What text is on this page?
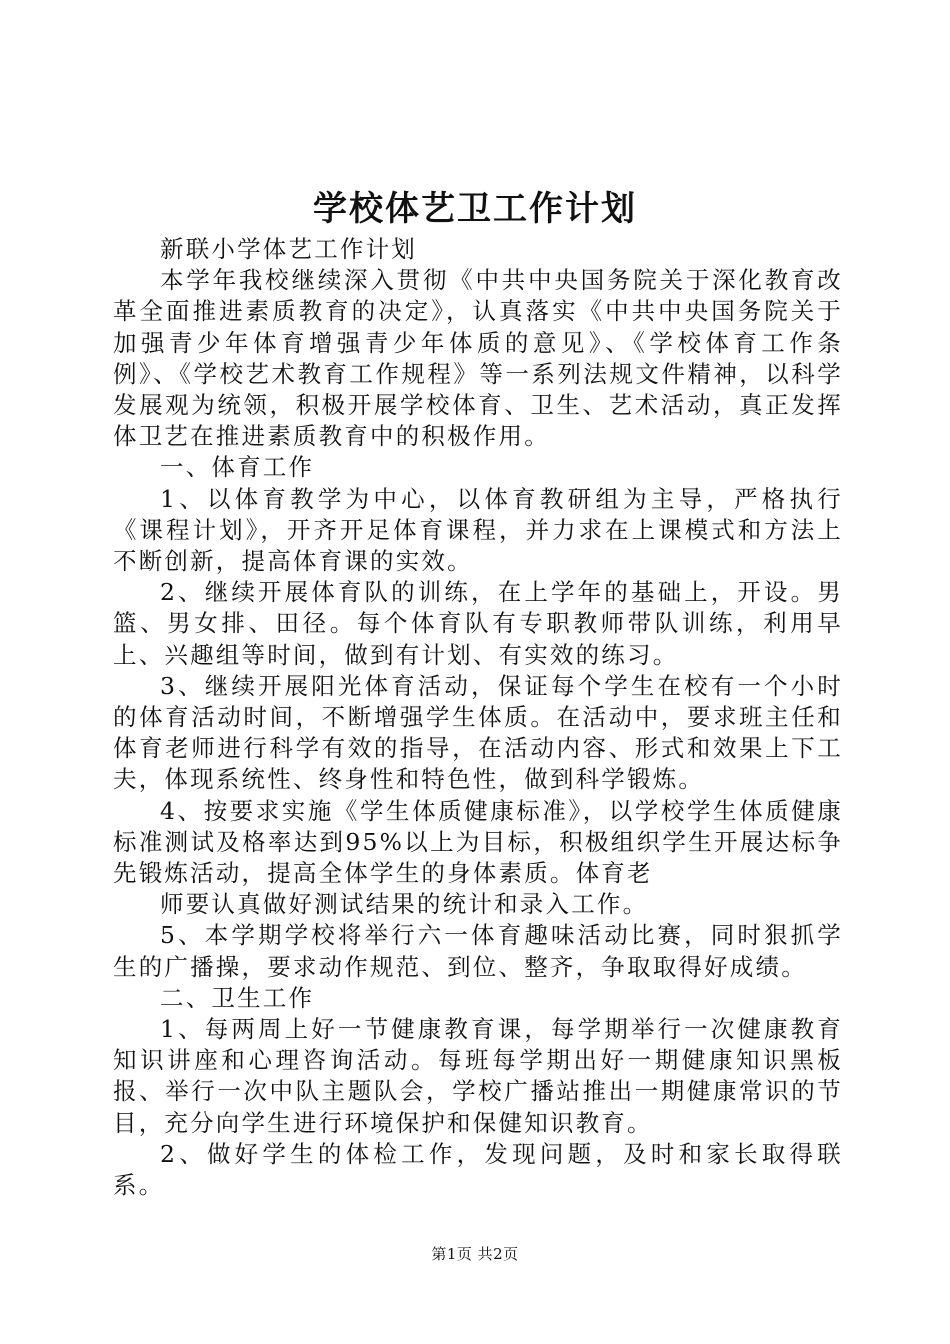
学校体艺卫工作计划

新联小学体艺工作计划

本学年我校继续深入贯彻《中共中央国务院关于深化教育改革全面推进素质教育的决定》，认真落实《中共中央国务院关于加强青少年体育增强青少年体质的意见》、《学校体育工作条例》、《学校艺术教育工作规程》等一系列法规文件精神，以科学发展观为统领，积极开展学校体育、卫生、艺术活动，真正发挥体卫艺在推进素质教育中的积极作用。

一、体育工作

1、以体育教学为中心，以体育教研组为主导，严格执行《课程计划》，开齐开足体育课程，并力求在上课模式和方法上不断创新，提高体育课的实效。

2、继续开展体育队的训练，在上学年的基础上，开设。男篮、男女排、田径。每个体育队有专职教师带队训练，利用早上、兴趣组等时间，做到有计划、有实效的练习。

3、继续开展阳光体育活动，保证每个学生在校有一个小时的体育活动时间，不断增强学生体质。在活动中，要求班主任和体育老师进行科学有效的指导，在活动内容、形式和效果上下工夫，体现系统性、终身性和特色性，做到科学锻炼。

4、按要求实施《学生体质健康标准》，以学校学生体质健康标准测试及格率达到95%以上为目标，积极组织学生开展达标争先锻炼活动，提高全体学生的身体素质。体育老

师要认真做好测试结果的统计和录入工作。

5、本学期学校将举行六一体育趣味活动比赛，同时狠抓学生的广播操，要求动作规范、到位、整齐，争取取得好成绩。

二、卫生工作

1、每两周上好一节健康教育课，每学期举行一次健康教育知识讲座和心理咨询活动。每班每学期出好一期健康知识黑板报、举行一次中队主题队会，学校广播站推出一期健康常识的节目，充分向学生进行环境保护和保健知识教育。

2、做好学生的体检工作，发现问题，及时和家长取得联系。

第1页 共2页
